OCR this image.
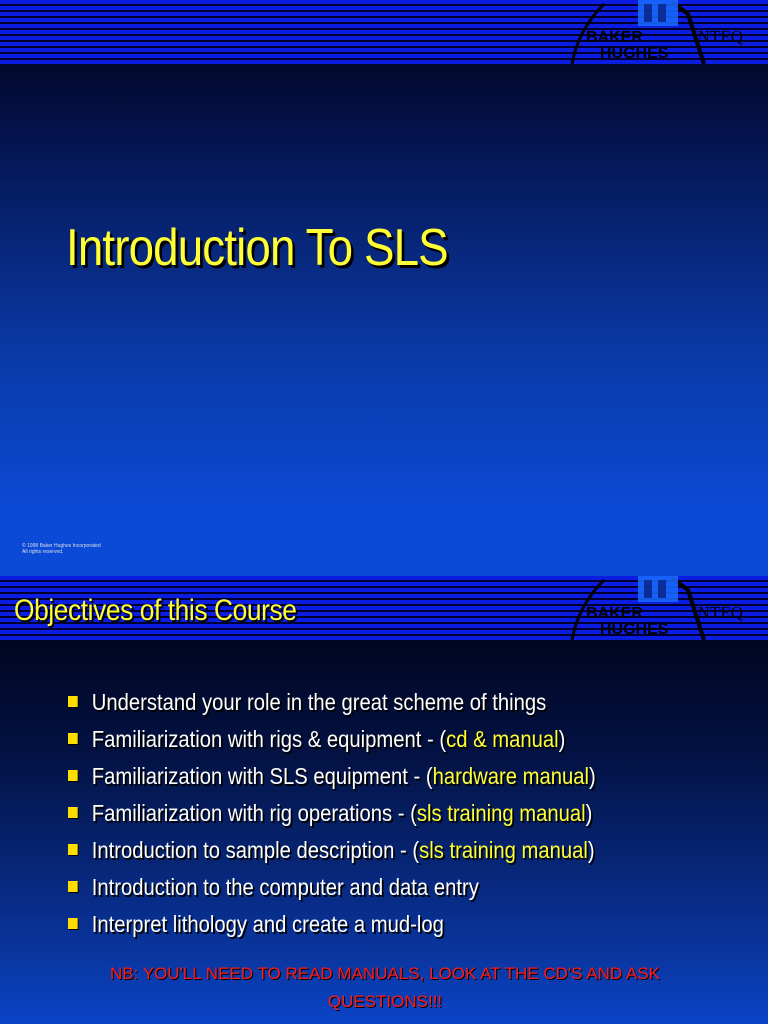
BAKER
HUGHES
INTEQ
Introduction To SLS
© 1998 Baker Hughes Incorporated
All rights reserved.
BAKER
HUGHES
INTEQ
Objectives of this Course
Understand your role in the great scheme of things
Familiarization with rigs & equipment - (cd & manual)
Familiarization with SLS equipment - (hardware manual)
Familiarization with rig operations - (sls training manual)
Introduction to sample description - (sls training manual)
Introduction to the computer and data entry
Interpret lithology and create a mud-log
NB: YOU'LL NEED TO READ MANUALS, LOOK AT THE CD'S AND ASK
QUESTIONS!!!
